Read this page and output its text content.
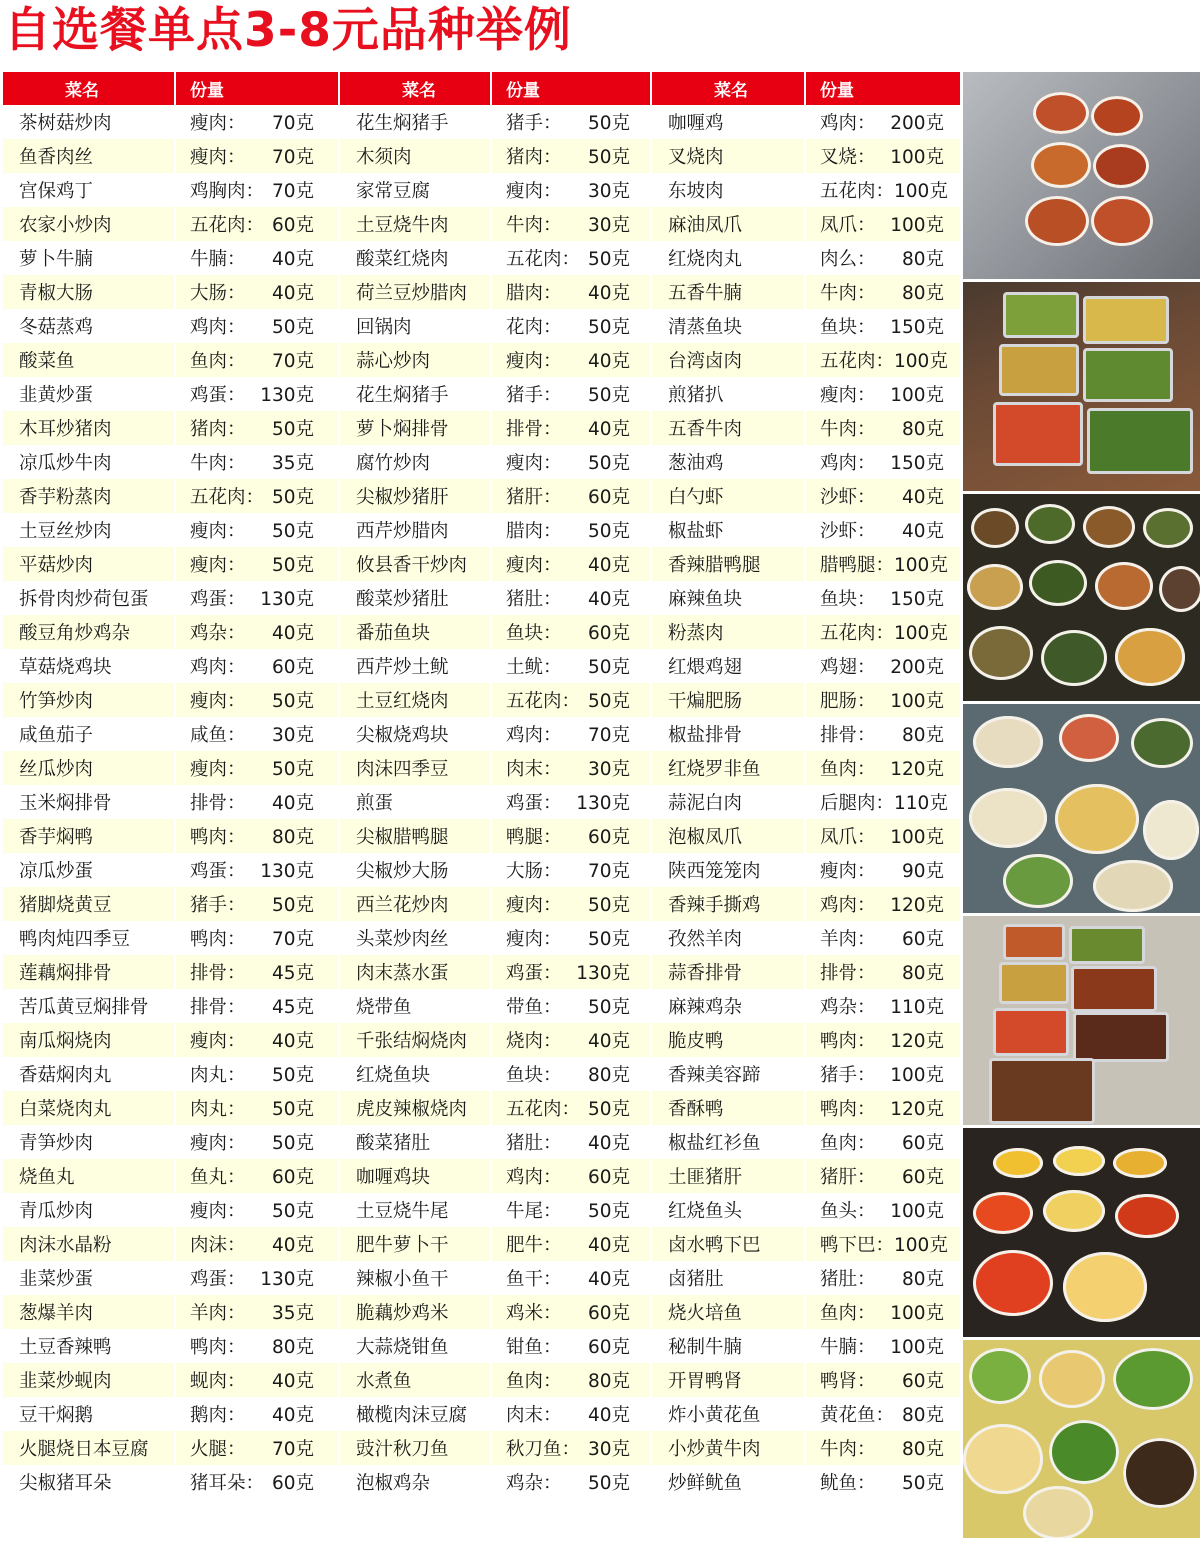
自选餐单点3-8元品种举例
菜名	份量	菜名	份量	菜名	份量
茶树菇炒肉	瘦肉： 70克	花生焖猪手	猪手： 50克	咖喱鸡	鸡肉： 200克

鱼香肉丝	瘦肉： 70克	木须肉	猪肉： 50克	叉烧肉	叉烧： 100克

宫保鸡丁	鸡胸肉： 70克	家常豆腐	瘦肉： 30克	东坡肉	五花肉： 100克

农家小炒肉	五花肉： 60克	土豆烧牛肉	牛肉： 30克	麻油凤爪	凤爪： 100克

萝卜牛腩	牛腩： 40克	酸菜红烧肉	五花肉： 50克	红烧肉丸	肉么： 80克

青椒大肠	大肠： 40克	荷兰豆炒腊肉	腊肉： 40克	五香牛腩	牛肉： 80克

冬菇蒸鸡	鸡肉： 50克	回锅肉	花肉： 50克	清蒸鱼块	鱼块： 150克

酸菜鱼	鱼肉： 70克	蒜心炒肉	瘦肉： 40克	台湾卤肉	五花肉： 100克

韭黄炒蛋	鸡蛋： 130克	花生焖猪手	猪手： 50克	煎猪扒	瘦肉： 100克

木耳炒猪肉	猪肉： 50克	萝卜焖排骨	排骨： 40克	五香牛肉	牛肉： 80克

凉瓜炒牛肉	牛肉： 35克	腐竹炒肉	瘦肉： 50克	葱油鸡	鸡肉： 150克

香芋粉蒸肉	五花肉： 50克	尖椒炒猪肝	猪肝： 60克	白勺虾	沙虾： 40克

土豆丝炒肉	瘦肉： 50克	西芹炒腊肉	腊肉： 50克	椒盐虾	沙虾： 40克

平菇炒肉	瘦肉： 50克	攸县香干炒肉	瘦肉： 40克	香辣腊鸭腿	腊鸭腿： 100克

拆骨肉炒荷包蛋	鸡蛋： 130克	酸菜炒猪肚	猪肚： 40克	麻辣鱼块	鱼块： 150克

酸豆角炒鸡杂	鸡杂： 40克	番茄鱼块	鱼块： 60克	粉蒸肉	五花肉： 100克

草菇烧鸡块	鸡肉： 60克	西芹炒土鱿	土鱿： 50克	红煨鸡翅	鸡翅： 200克

竹笋炒肉	瘦肉： 50克	土豆红烧肉	五花肉： 50克	干煸肥肠	肥肠： 100克

咸鱼茄子	咸鱼： 30克	尖椒烧鸡块	鸡肉： 70克	椒盐排骨	排骨： 80克

丝瓜炒肉	瘦肉： 50克	肉沫四季豆	肉末： 30克	红烧罗非鱼	鱼肉： 120克

玉米焖排骨	排骨： 40克	煎蛋	鸡蛋： 130克	蒜泥白肉	后腿肉： 110克

香芋焖鸭	鸭肉： 80克	尖椒腊鸭腿	鸭腿： 60克	泡椒凤爪	凤爪： 100克

凉瓜炒蛋	鸡蛋： 130克	尖椒炒大肠	大肠： 70克	陕西笼笼肉	瘦肉： 90克

猪脚烧黄豆	猪手： 50克	西兰花炒肉	瘦肉： 50克	香辣手撕鸡	鸡肉： 120克

鸭肉炖四季豆	鸭肉： 70克	头菜炒肉丝	瘦肉： 50克	孜然羊肉	羊肉： 60克

莲藕焖排骨	排骨： 45克	肉末蒸水蛋	鸡蛋： 130克	蒜香排骨	排骨： 80克

苦瓜黄豆焖排骨	排骨： 45克	烧带鱼	带鱼： 50克	麻辣鸡杂	鸡杂： 110克

南瓜焖烧肉	瘦肉： 40克	千张结焖烧肉	烧肉： 40克	脆皮鸭	鸭肉： 120克

香菇焖肉丸	肉丸： 50克	红烧鱼块	鱼块： 80克	香辣美容蹄	猪手： 100克

白菜烧肉丸	肉丸： 50克	虎皮辣椒烧肉	五花肉： 50克	香酥鸭	鸭肉： 120克

青笋炒肉	瘦肉： 50克	酸菜猪肚	猪肚： 40克	椒盐红衫鱼	鱼肉： 60克

烧鱼丸	鱼丸： 60克	咖喱鸡块	鸡肉： 60克	土匪猪肝	猪肝： 60克

青瓜炒肉	瘦肉： 50克	土豆烧牛尾	牛尾： 50克	红烧鱼头	鱼头： 100克

肉沫水晶粉	肉沫： 40克	肥牛萝卜干	肥牛： 40克	卤水鸭下巴	鸭下巴： 100克

韭菜炒蛋	鸡蛋： 130克	辣椒小鱼干	鱼干： 40克	卤猪肚	猪肚： 80克

葱爆羊肉	羊肉： 35克	脆藕炒鸡米	鸡米： 60克	烧火培鱼	鱼肉： 100克

土豆香辣鸭	鸭肉： 80克	大蒜烧钳鱼	钳鱼： 60克	秘制牛腩	牛腩： 100克

韭菜炒蚬肉	蚬肉： 40克	水煮鱼	鱼肉： 80克	开胃鸭肾	鸭肾： 60克

豆干焖鹅	鹅肉： 40克	橄榄肉沫豆腐	肉末： 40克	炸小黄花鱼	黄花鱼： 80克

火腿烧日本豆腐	火腿： 70克	豉汁秋刀鱼	秋刀鱼： 30克	小炒黄牛肉	牛肉： 80克

尖椒猪耳朵	猪耳朵： 60克	泡椒鸡杂	鸡杂： 50克	炒鲜鱿鱼	鱿鱼： 50克
